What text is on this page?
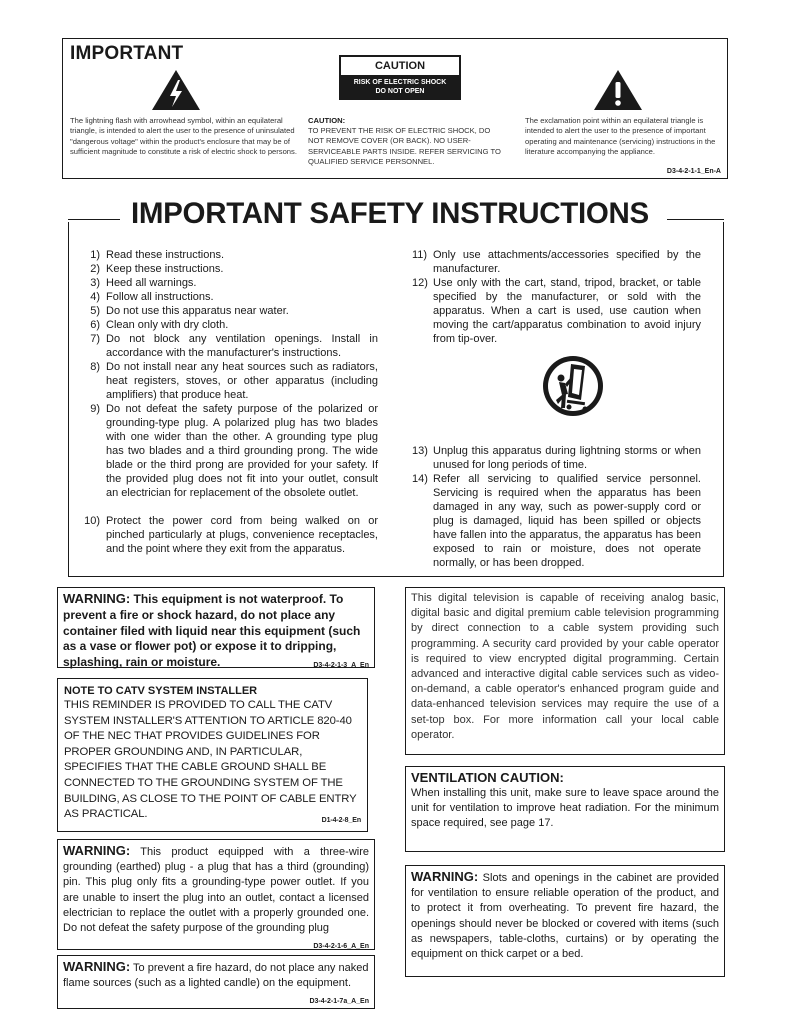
IMPORTANT
The lightning flash with arrowhead symbol, within an equilateral triangle, is intended to alert the user to the presence of uninsulated "dangerous voltage" within the product's enclosure that may be of sufficient magnitude to constitute a risk of electric shock to persons.
CAUTION
RISK OF ELECTRIC SHOCK
DO NOT OPEN
CAUTION:
TO PREVENT THE RISK OF ELECTRIC SHOCK, DO NOT REMOVE COVER (OR BACK). NO USER-SERVICEABLE PARTS INSIDE. REFER SERVICING TO QUALIFIED SERVICE PERSONNEL.
The exclamation point within an equilateral triangle is intended to alert the user to the presence of important operating and maintenance (servicing) instructions in the literature accompanying the appliance.
D3-4-2-1-1_En-A
IMPORTANT SAFETY INSTRUCTIONS
1) Read these instructions.
2) Keep these instructions.
3) Heed all warnings.
4) Follow all instructions.
5) Do not use this apparatus near water.
6) Clean only with dry cloth.
7) Do not block any ventilation openings. Install in accordance with the manufacturer's instructions.
8) Do not install near any heat sources such as radiators, heat registers, stoves, or other apparatus (including amplifiers) that produce heat.
9) Do not defeat the safety purpose of the polarized or grounding-type plug. A polarized plug has two blades with one wider than the other. A grounding type plug has two blades and a third grounding prong. The wide blade or the third prong are provided for your safety. If the provided plug does not fit into your outlet, consult an electrician for replacement of the obsolete outlet.
10) Protect the power cord from being walked on or pinched particularly at plugs, convenience receptacles, and the point where they exit from the apparatus.
11) Only use attachments/accessories specified by the manufacturer.
12) Use only with the cart, stand, tripod, bracket, or table specified by the manufacturer, or sold with the apparatus. When a cart is used, use caution when moving the cart/apparatus combination to avoid injury from tip-over.
13) Unplug this apparatus during lightning storms or when unused for long periods of time.
14) Refer all servicing to qualified service personnel. Servicing is required when the apparatus has been damaged in any way, such as power-supply cord or plug is damaged, liquid has been spilled or objects have fallen into the apparatus, the apparatus has been exposed to rain or moisture, does not operate normally, or has been dropped.
WARNING: This equipment is not waterproof. To prevent a fire or shock hazard, do not place any container filed with liquid near this equipment (such as a vase or flower pot) or expose it to dripping, splashing, rain or moisture.	D3-4-2-1-3_A_En
NOTE TO CATV SYSTEM INSTALLER
THIS REMINDER IS PROVIDED TO CALL THE CATV SYSTEM INSTALLER'S ATTENTION TO ARTICLE 820-40 OF THE NEC THAT PROVIDES GUIDELINES FOR PROPER GROUNDING AND, IN PARTICULAR, SPECIFIES THAT THE CABLE GROUND SHALL BE CONNECTED TO THE GROUNDING SYSTEM OF THE BUILDING, AS CLOSE TO THE POINT OF CABLE ENTRY AS PRACTICAL.
D1-4-2-8_En
WARNING: This product equipped with a three-wire grounding (earthed) plug - a plug that has a third (grounding) pin. This plug only fits a grounding-type power outlet. If you are unable to insert the plug into an outlet, contact a licensed electrician to replace the outlet with a properly grounded one. Do not defeat the safety purpose of the grounding plug
D3-4-2-1-6_A_En
WARNING: To prevent a fire hazard, do not place any naked flame sources (such as a lighted candle) on the equipment.
D3-4-2-1-7a_A_En
This digital television is capable of receiving analog basic, digital basic and digital premium cable television programming by direct connection to a cable system providing such programming. A security card provided by your cable operator is required to view encrypted digital programming. Certain advanced and interactive digital cable services such as video-on-demand, a cable operator's enhanced program guide and data-enhanced television services may require the use of a set-top box. For more information call your local cable operator.
VENTILATION CAUTION:
When installing this unit, make sure to leave space around the unit for ventilation to improve heat radiation. For the minimum space required, see page 17.
WARNING: Slots and openings in the cabinet are provided for ventilation to ensure reliable operation of the product, and to protect it from overheating. To prevent fire hazard, the openings should never be blocked or covered with items (such as newspapers, table-cloths, curtains) or by operating the equipment on thick carpet or a bed.
